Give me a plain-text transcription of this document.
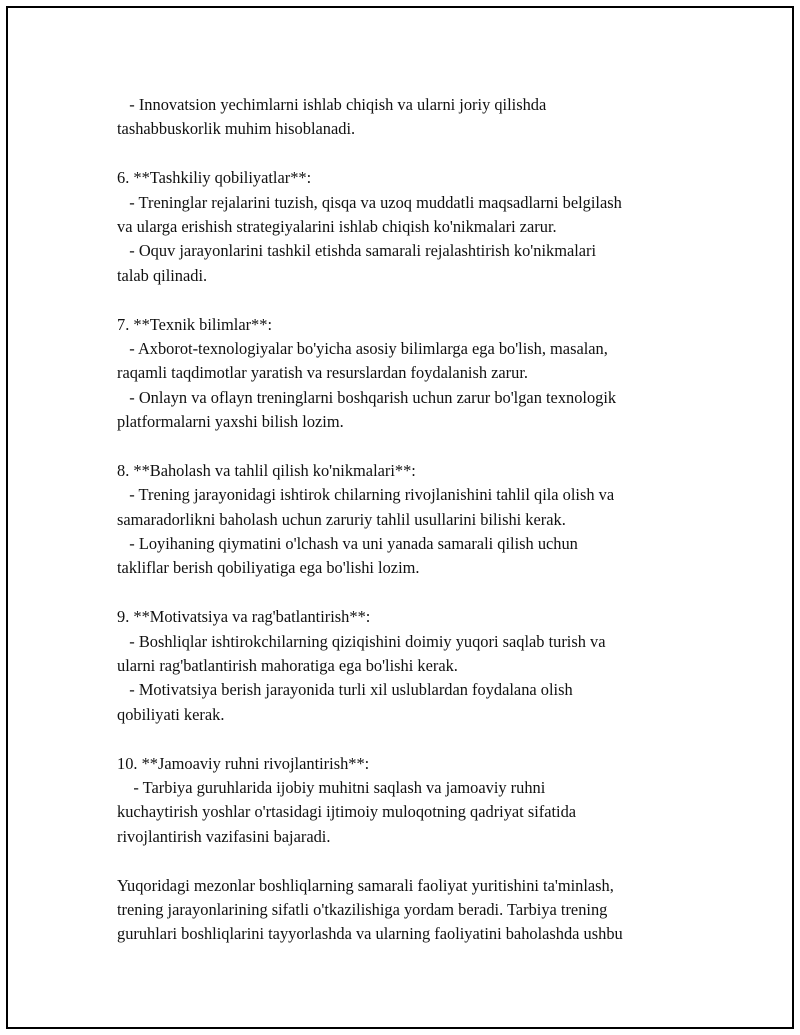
- Innovatsion yechimlarni ishlab chiqish va ularni joriy qilishda
tashabbuskorlik muhim hisoblanadi.
6. **Tashkiliy qobiliyatlar**:
- Treninglar rejalarini tuzish, qisqa va uzoq muddatli maqsadlarni belgilash
va ularga erishish strategiyalarini ishlab chiqish ko'nikmalari zarur.
- Oquv jarayonlarini tashkil etishda samarali rejalashtirish ko'nikmalari
talab qilinadi.
7. **Texnik bilimlar**:
- Axborot-texnologiyalar bo'yicha asosiy bilimlarga ega bo'lish, masalan,
raqamli taqdimotlar yaratish va resurslardan foydalanish zarur.
- Onlayn va oflayn treninglarni boshqarish uchun zarur bo'lgan texnologik
platformalarni yaxshi bilish lozim.
8. **Baholash va tahlil qilish ko'nikmalari**:
- Trening jarayonidagi ishtirok chilarning rivojlanishini tahlil qila olish va
samaradorlikni baholash uchun zaruriy tahlil usullarini bilishi kerak.
- Loyihaning qiymatini o'lchash va uni yanada samarali qilish uchun
takliflar berish qobiliyatiga ega bo'lishi lozim.
9. **Motivatsiya va rag'batlantirish**:
- Boshliqlar ishtirokchilarning qiziqishini doimiy yuqori saqlab turish va
ularni rag'batlantirish mahoratiga ega bo'lishi kerak.
- Motivatsiya berish jarayonida turli xil uslublardan foydalana olish
qobiliyati kerak.
10. **Jamoaviy ruhni rivojlantirish**:
- Tarbiya guruhlarida ijobiy muhitni saqlash va jamoaviy ruhni
kuchaytirish yoshlar o'rtasidagi ijtimoiy muloqotning qadriyat sifatida
rivojlantirish vazifasini bajaradi.
Yuqoridagi mezonlar boshliqlarning samarali faoliyat yuritishini ta'minlash,
trening jarayonlarining sifatli o'tkazilishiga yordam beradi. Tarbiya trening
guruhlari boshliqlarini tayyorlashda va ularning faoliyatini baholashda ushbu
